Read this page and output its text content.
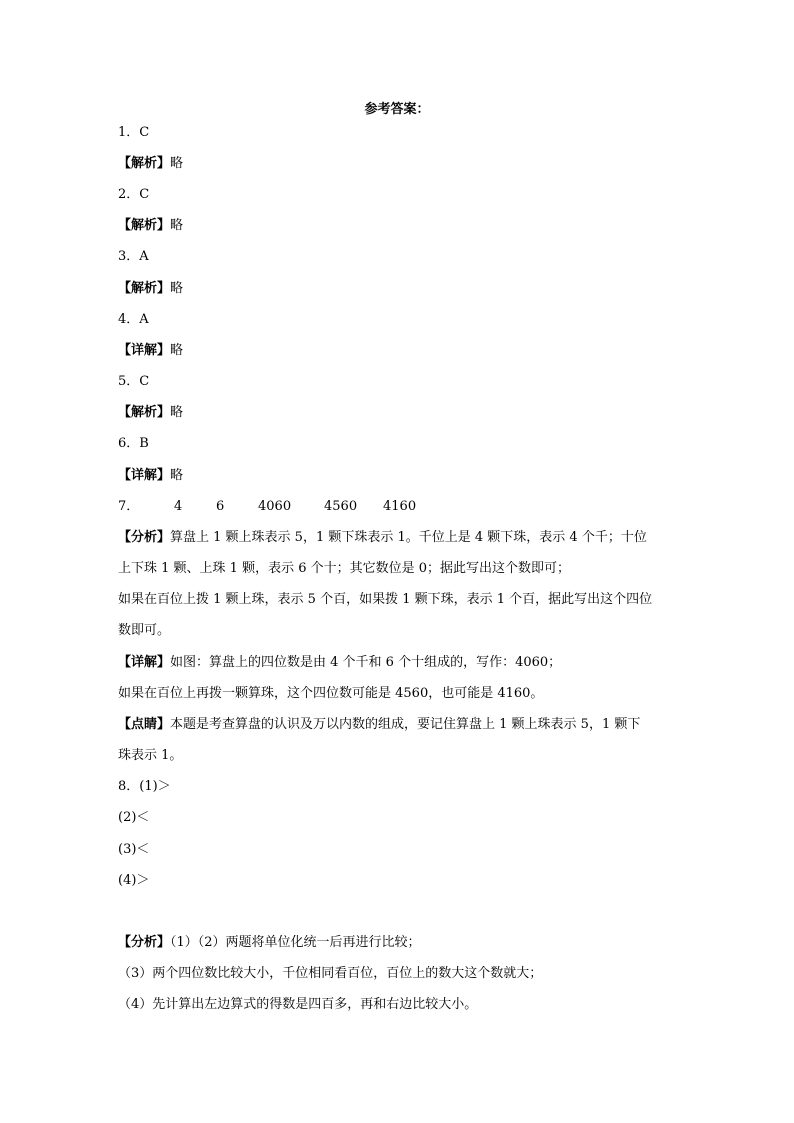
参考答案：
1．C
【解析】略
2．C
【解析】略
3．A
【解析】略
4．A
【详解】略
5．C
【解析】略
6．B
【详解】略
7．	4	6	4060	4560 4160
【分析】算盘上 1 颗上珠表示 5，1 颗下珠表示 1。千位上是 4 颗下珠，表示 4 个千；十位
上下珠 1 颗、上珠 1 颗，表示 6 个十；其它数位是 0；据此写出这个数即可；
如果在百位上拨 1 颗上珠，表示 5 个百，如果拨 1 颗下珠，表示 1 个百，据此写出这个四位
数即可。
【详解】如图：算盘上的四位数是由 4 个千和 6 个十组成的，写作：4060；
如果在百位上再拨一颗算珠，这个四位数可能是 4560，也可能是 4160。
【点睛】本题是考查算盘的认识及万以内数的组成，要记住算盘上 1 颗上珠表示 5，1 颗下
珠表示 1。
8．(1)＞
(2)＜
(3)＜
(4)＞
【分析】（1）（2）两题将单位化统一后再进行比较；
（3）两个四位数比较大小，千位相同看百位，百位上的数大这个数就大；
（4）先计算出左边算式的得数是四百多，再和右边比较大小。
